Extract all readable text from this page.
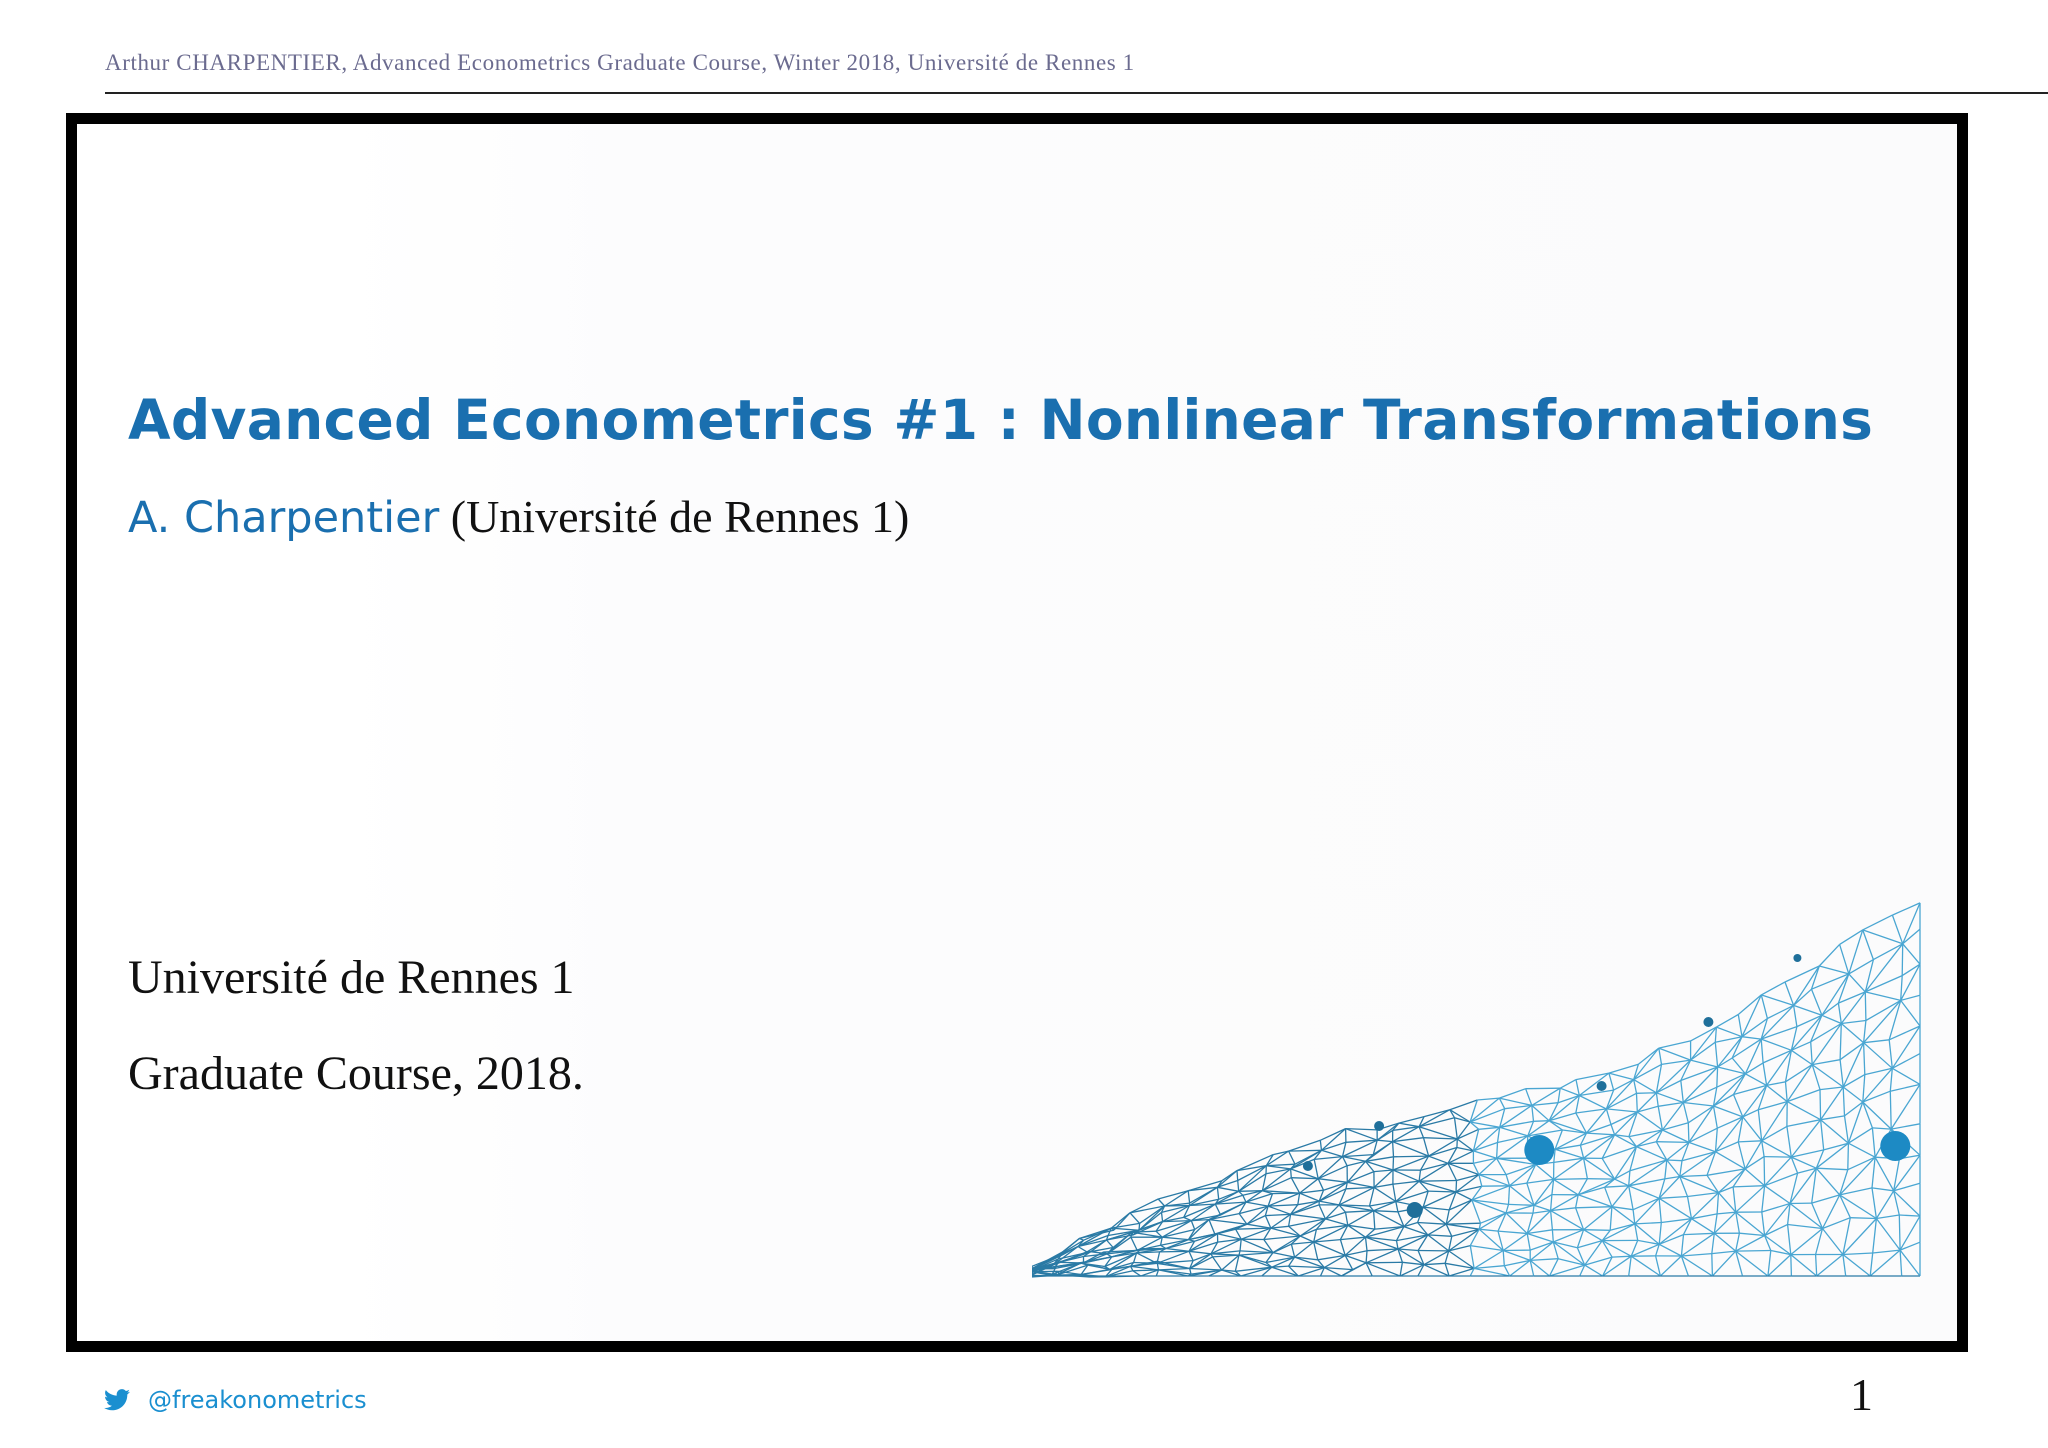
Arthur CHARPENTIER, Advanced Econometrics Graduate Course, Winter 2018, Université de Rennes 1
Advanced Econometrics #1 : Nonlinear Transformations
A. Charpentier (Université de Rennes 1)
Université de Rennes 1
Graduate Course, 2018.
@freakonometrics	1
